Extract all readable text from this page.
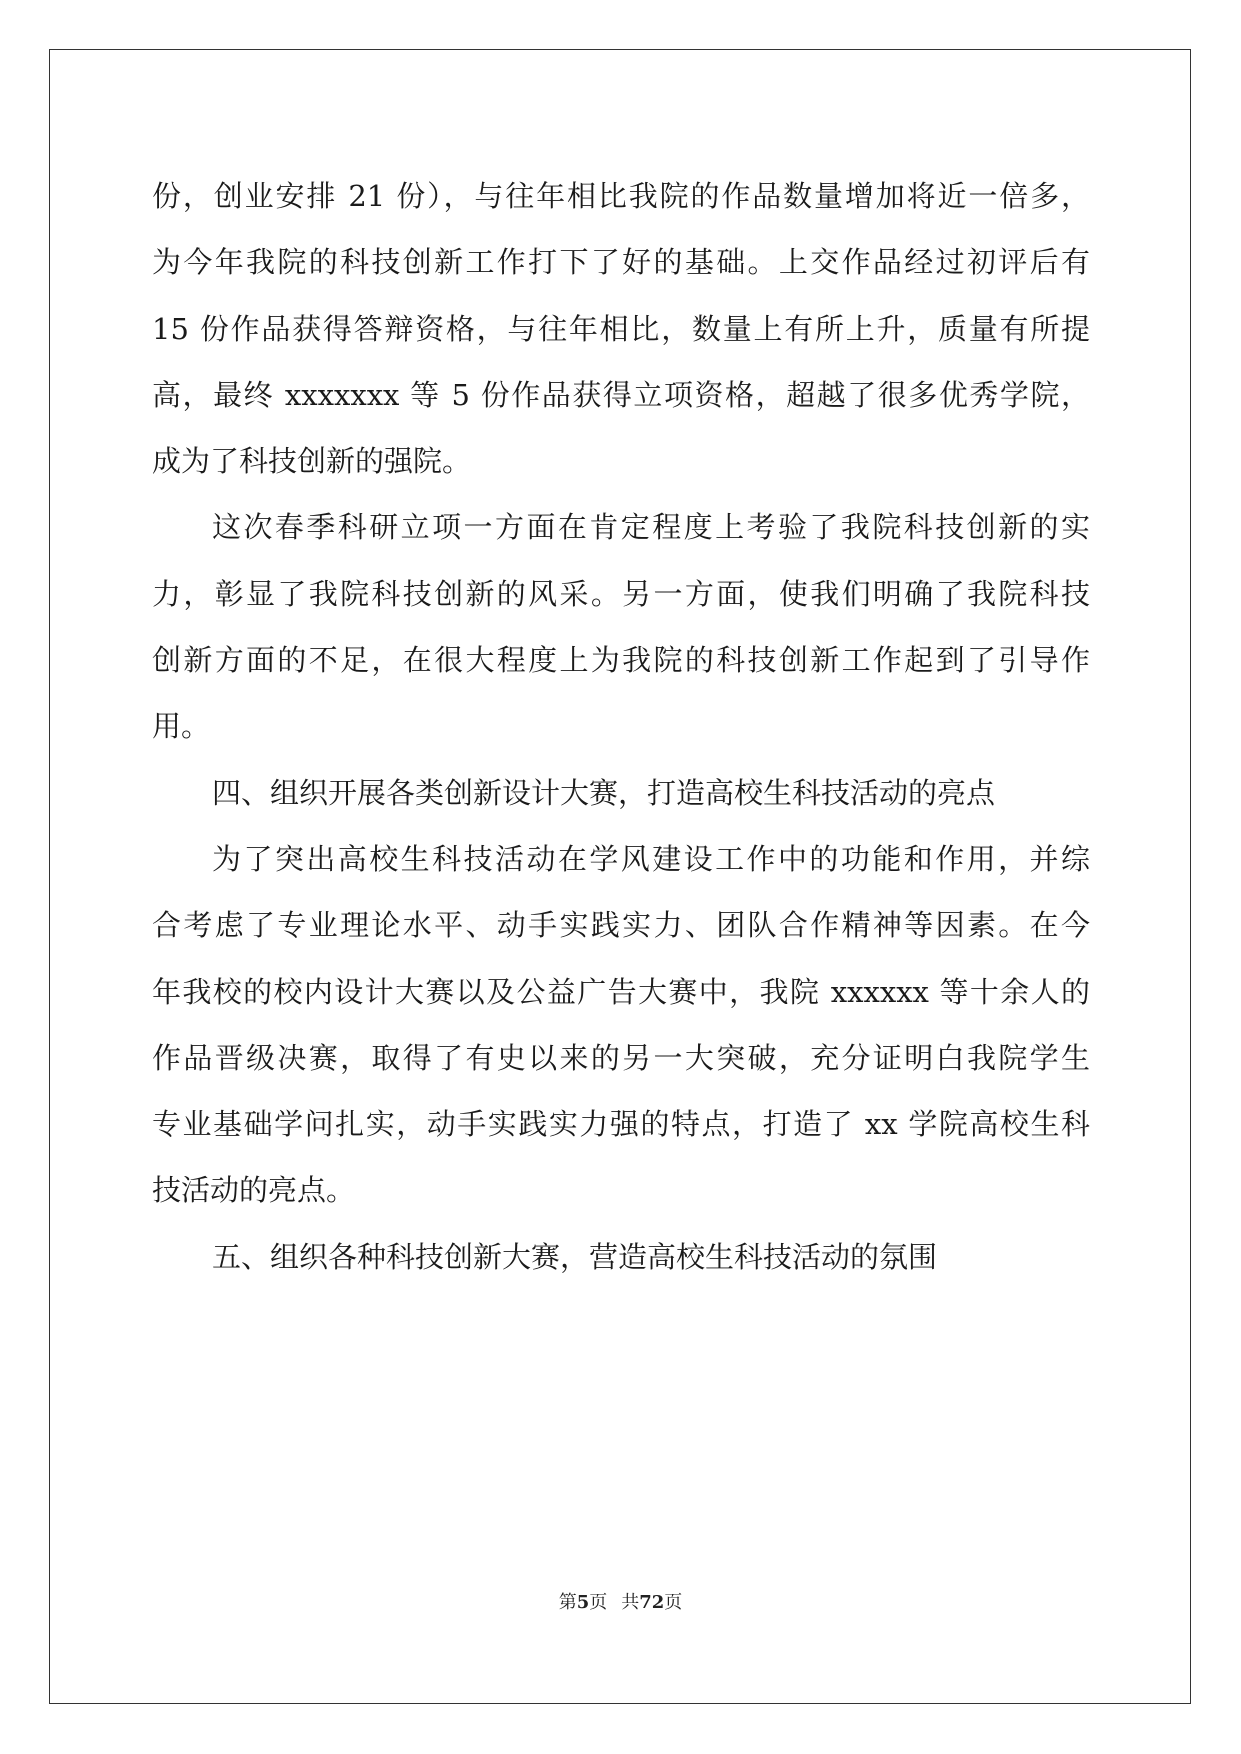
份，创业安排 21 份），与往年相比我院的作品数量增加将近一倍多，
为今年我院的科技创新工作打下了好的基础。上交作品经过初评后有
15 份作品获得答辩资格，与往年相比，数量上有所上升，质量有所提
高，最终 xxxxxxx 等 5 份作品获得立项资格，超越了很多优秀学院，
成为了科技创新的强院。
这次春季科研立项一方面在肯定程度上考验了我院科技创新的实
力，彰显了我院科技创新的风采。另一方面，使我们明确了我院科技
创新方面的不足，在很大程度上为我院的科技创新工作起到了引导作
用。
四、组织开展各类创新设计大赛，打造高校生科技活动的亮点
为了突出高校生科技活动在学风建设工作中的功能和作用，并综
合考虑了专业理论水平、动手实践实力、团队合作精神等因素。在今
年我校的校内设计大赛以及公益广告大赛中，我院 xxxxxx 等十余人的
作品晋级决赛，取得了有史以来的另一大突破，充分证明白我院学生
专业基础学问扎实，动手实践实力强的特点，打造了 xx 学院高校生科
技活动的亮点。
五、组织各种科技创新大赛，营造高校生科技活动的氛围
第5页 共72页
